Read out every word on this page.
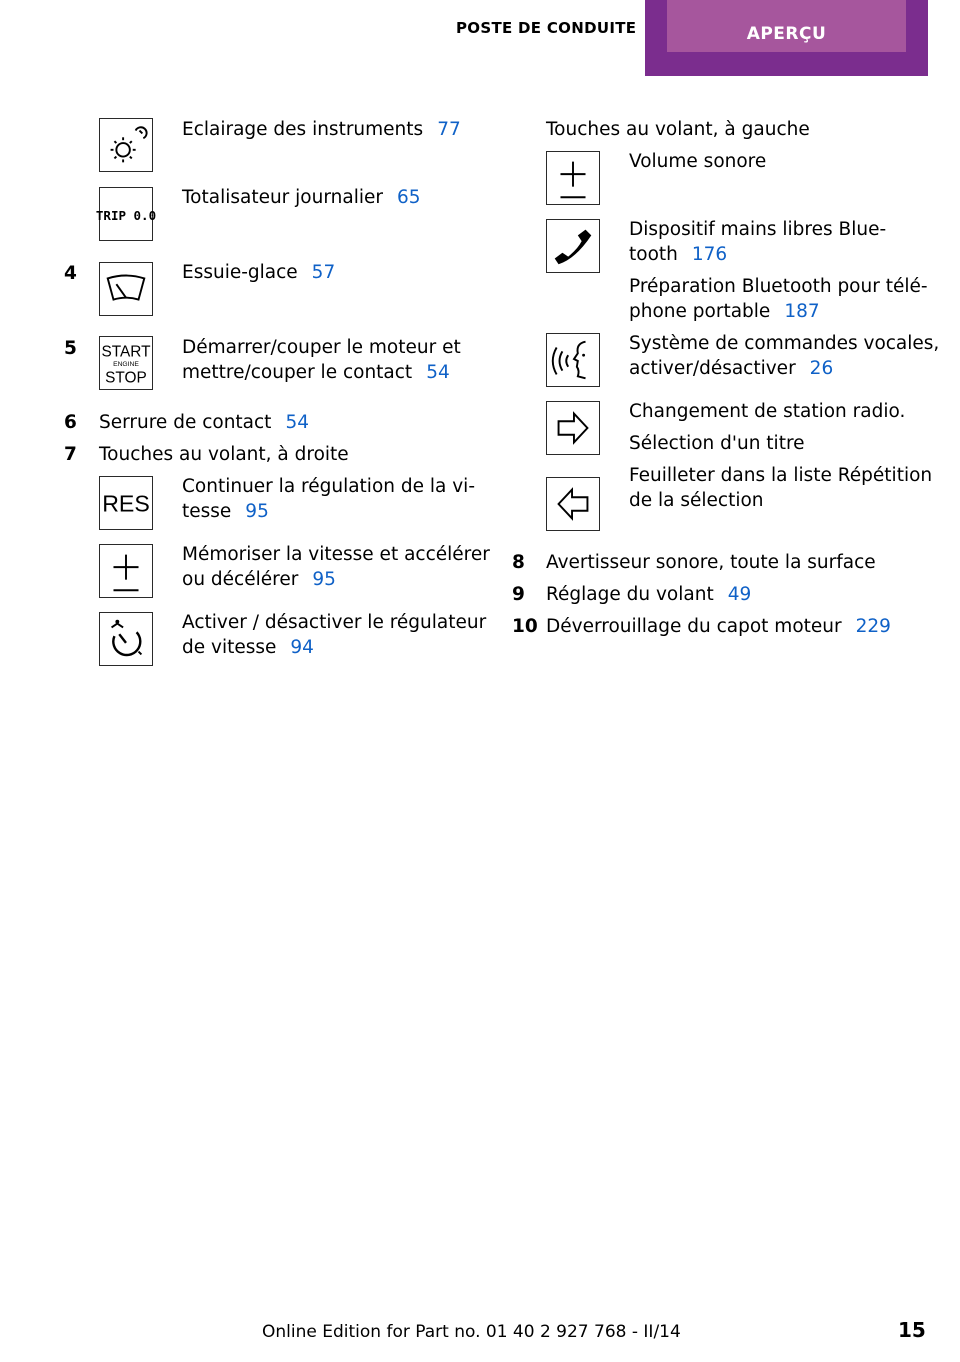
POSTE DE CONDUITE	APERÇU
Eclairage des instruments 77
TRIP 0.0
Totalisateur journalier 65
4	Essuie-glace 57
5 START
ENGINE
STOP
Démarrer/couper le moteur et
mettre/couper le contact 54
6 Serrure de contact 54
7 Touches au volant, à droite
RES
Continuer la régulation de la vi-
tesse 95
Mémoriser la vitesse et accélérer
ou décélérer 95
Activer / désactiver le régulateur
de vitesse 94
Touches au volant, à gauche
Volume sonore
Dispositif mains libres Blue-
tooth 176
Préparation Bluetooth pour télé-
phone portable 187
Système de commandes vocales,
activer/désactiver 26
Changement de station radio.
Sélection d'un titre
Feuilleter dans la liste Répétition
de la sélection
8 Avertisseur sonore, toute la surface
9 Réglage du volant 49
10 Déverrouillage du capot moteur 229
Online Edition for Part no. 01 40 2 927 768 - II/14	15
